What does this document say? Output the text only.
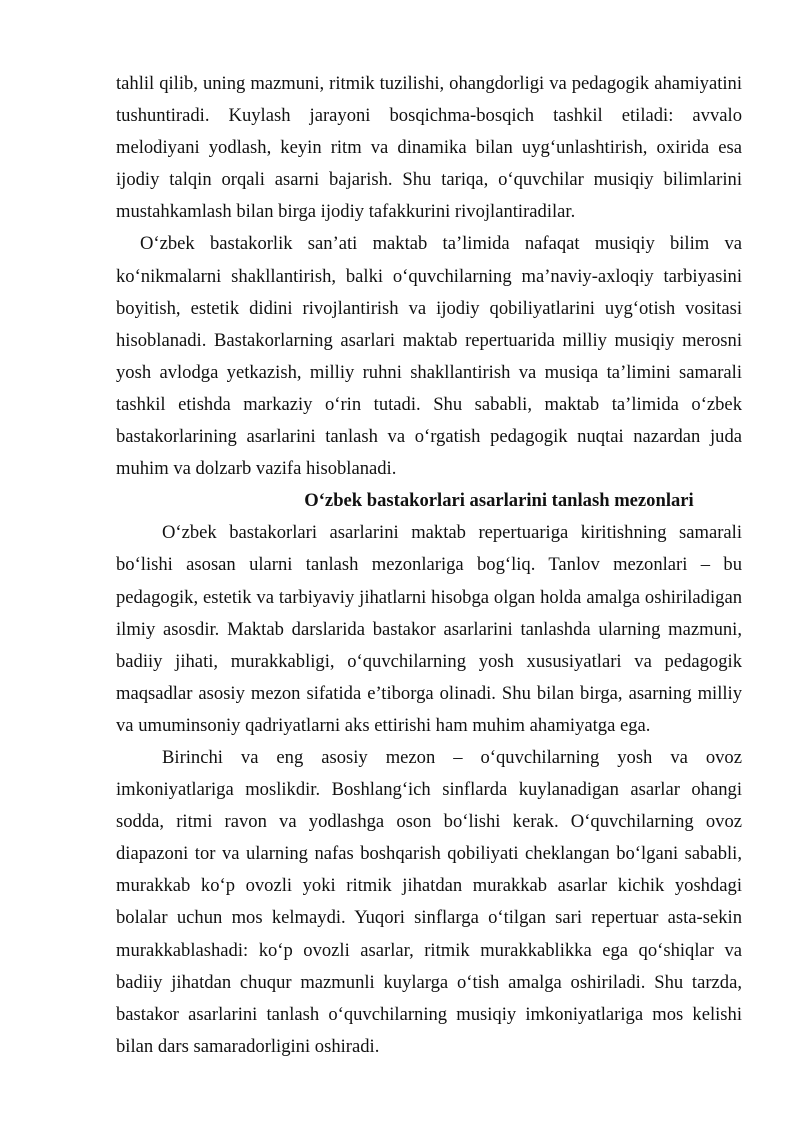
tahlil qilib, uning mazmuni, ritmik tuzilishi, ohangdorligi va pedagogik ahamiyatini tushuntiradi. Kuylash jarayoni bosqichma-bosqich tashkil etiladi: avvalo melodiyani yodlash, keyin ritm va dinamika bilan uyg‘unlashtirish, oxirida esa ijodiy talqin orqali asarni bajarish. Shu tariqa, o‘quvchilar musiqiy bilimlarini mustahkamlash bilan birga ijodiy tafakkurini rivojlantiradilar.

O‘zbek bastakorlik san’ati maktab ta’limida nafaqat musiqiy bilim va ko‘nikmalarni shakllantirish, balki o‘quvchilarning ma’naviy-axloqiy tarbiyasini boyitish, estetik didini rivojlantirish va ijodiy qobiliyatlarini uyg‘otish vositasi hisoblanadi. Bastakorlarning asarlari maktab repertuarida milliy musiqiy merosni yosh avlodga yetkazish, milliy ruhni shakllantirish va musiqa ta’limini samarali tashkil etishda markaziy o‘rin tutadi. Shu sababli, maktab ta’limida o‘zbek bastakorlarining asarlarini tanlash va o‘rgatish pedagogik nuqtai nazardan juda muhim va dolzarb vazifa hisoblanadi.

O‘zbek bastakorlari asarlarini tanlash mezonlari

O‘zbek bastakorlari asarlarini maktab repertuariga kiritishning samarali bo‘lishi asosan ularni tanlash mezonlariga bog‘liq. Tanlov mezonlari – bu pedagogik, estetik va tarbiyaviy jihatlarni hisobga olgan holda amalga oshiriladigan ilmiy asosdir. Maktab darslarida bastakor asarlarini tanlashda ularning mazmuni, badiiy jihati, murakkabligi, o‘quvchilarning yosh xususiyatlari va pedagogik maqsadlar asosiy mezon sifatida e’tiborga olinadi. Shu bilan birga, asarning milliy va umuminsoniy qadriyatlarni aks ettirishi ham muhim ahamiyatga ega.

Birinchi va eng asosiy mezon – o‘quvchilarning yosh va ovoz imkoniyatlariga moslikdir. Boshlang‘ich sinflarda kuylanadigan asarlar ohangi sodda, ritmi ravon va yodlashga oson bo‘lishi kerak. O‘quvchilarning ovoz diapazoni tor va ularning nafas boshqarish qobiliyati cheklangan bo‘lgani sababli, murakkab ko‘p ovozli yoki ritmik jihatdan murakkab asarlar kichik yoshdagi bolalar uchun mos kelmaydi. Yuqori sinflarga o‘tilgan sari repertuar asta-sekin murakkablashadi: ko‘p ovozli asarlar, ritmik murakkablikka ega qo‘shiqlar va badiiy jihatdan chuqur mazmunli kuylarga o‘tish amalga oshiriladi. Shu tarzda, bastakor asarlarini tanlash o‘quvchilarning musiqiy imkoniyatlariga mos kelishi bilan dars samaradorligini oshiradi.
